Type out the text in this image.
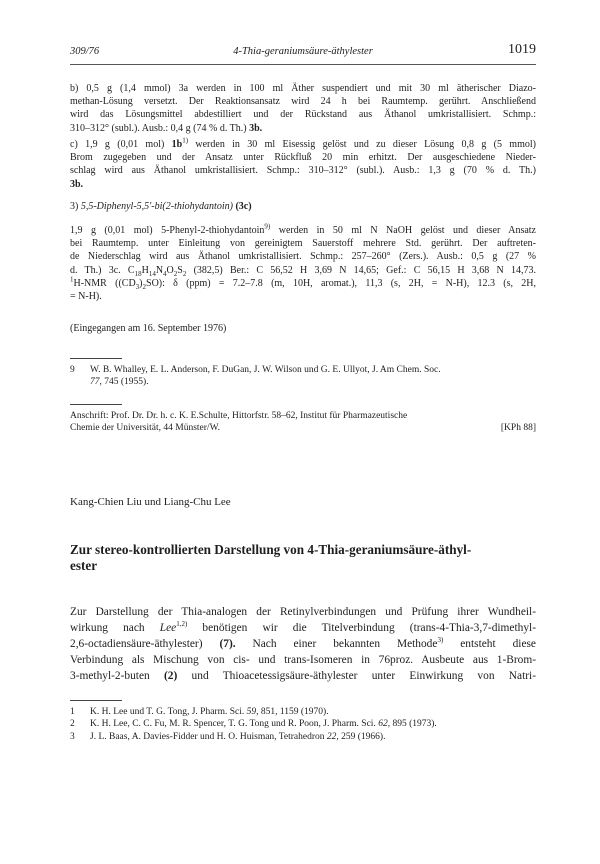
309/76	4-Thia-geraniumsäure-äthylester	1019
b) 0,5 g (1,4 mmol) 3a werden in 100 ml Äther suspendiert und mit 30 ml ätherischer Diazo-
methan-Lösung versetzt. Der Reaktionsansatz wird 24 h bei Raumtemp. gerührt. Anschließend
wird das Lösungsmittel abdestilliert und der Rückstand aus Äthanol umkristallisiert. Schmp.:
310–312° (subl.). Ausb.: 0,4 g (74 % d. Th.) 3b.
c) 1,9 g (0,01 mol) $1b^{1)}$ werden in 30 ml Eisessig gelöst und zu dieser Lösung 0,8 g (5 mmol)
Brom zugegeben und der Ansatz unter Rückfluß 20 min erhitzt. Der ausgeschiedene Nieder-
schlag wird aus Äthanol umkristallisiert. Schmp.: 310–312° (subl.). Ausb.: 1,3 g (70 % d. Th.)
3b.
3) 5,5-Diphenyl-5,5'-bi(2-thiohydantoin) (3c)
1,9 g (0,01 mol) 5-Phenyl-2-thiohydantoin$^{9)}$ werden in 50 ml N NaOH gelöst und dieser Ansatz
bei Raumtemp. unter Einleitung von gereinigtem Sauerstoff mehrere Std. gerührt. Der auftreten-
de Niederschlag wird aus Äthanol umkristallisiert. Schmp.: 257–260° (Zers.). Ausb.: 0,5 g (27 %
d. Th.) 3c. $C_{18}H_{14}N_4O_2S_2$ (382,5) Ber.: C 56,52 H 3,69 N 14,65; Gef.: C 56,15 H 3,68 N 14,73.
$^1$H-NMR $((CD_3)_2SO)$: δ (ppm) = 7.2–7.8 (m, 10H, aromat.), 11,3 (s, 2H, = N-H), 12.3 (s, 2H,
= N-H).
(Eingegangen am 16. September 1976)
9 W. B. Whalley, E. L. Anderson, F. DuGan, J. W. Wilson und G. E. Ullyot, J. Am Chem. Soc.
77, 745 (1955).
Anschrift: Prof. Dr. Dr. h. c. K. E.Schulte, Hittorfstr. 58–62, Institut für Pharmazeutische
Chemie der Universität, 44 Münster/W.	[KPh 88]
Kang-Chien Liu und Liang-Chu Lee
Zur stereo-kontrollierten Darstellung von 4-Thia-geraniumsäure-äthyl-
ester
Zur Darstellung der Thia-analogen der Retinylverbindungen und Prüfung ihrer Wundheil-
wirkung nach Lee$^{1,2)}$ benötigen wir die Titelverbindung (trans-4-Thia-3,7-dimethyl-
2,6-octadiensäure-äthylester) (7). Nach einer bekannten Methode$^{3)}$ entsteht diese
Verbindung als Mischung von cis- und trans-Isomeren in 76proz. Ausbeute aus 1-Brom-
3-methyl-2-buten (2) und Thioacetessigsäure-äthylester unter Einwirkung von Natri-
1 K. H. Lee und T. G. Tong, J. Pharm. Sci. 59, 851, 1159 (1970).
2 K. H. Lee, C. C. Fu, M. R. Spencer, T. G. Tong und R. Poon, J. Pharm. Sci. 62, 895 (1973).
3 J. L. Baas, A. Davies-Fidder und H. O. Huisman, Tetrahedron 22, 259 (1966).
